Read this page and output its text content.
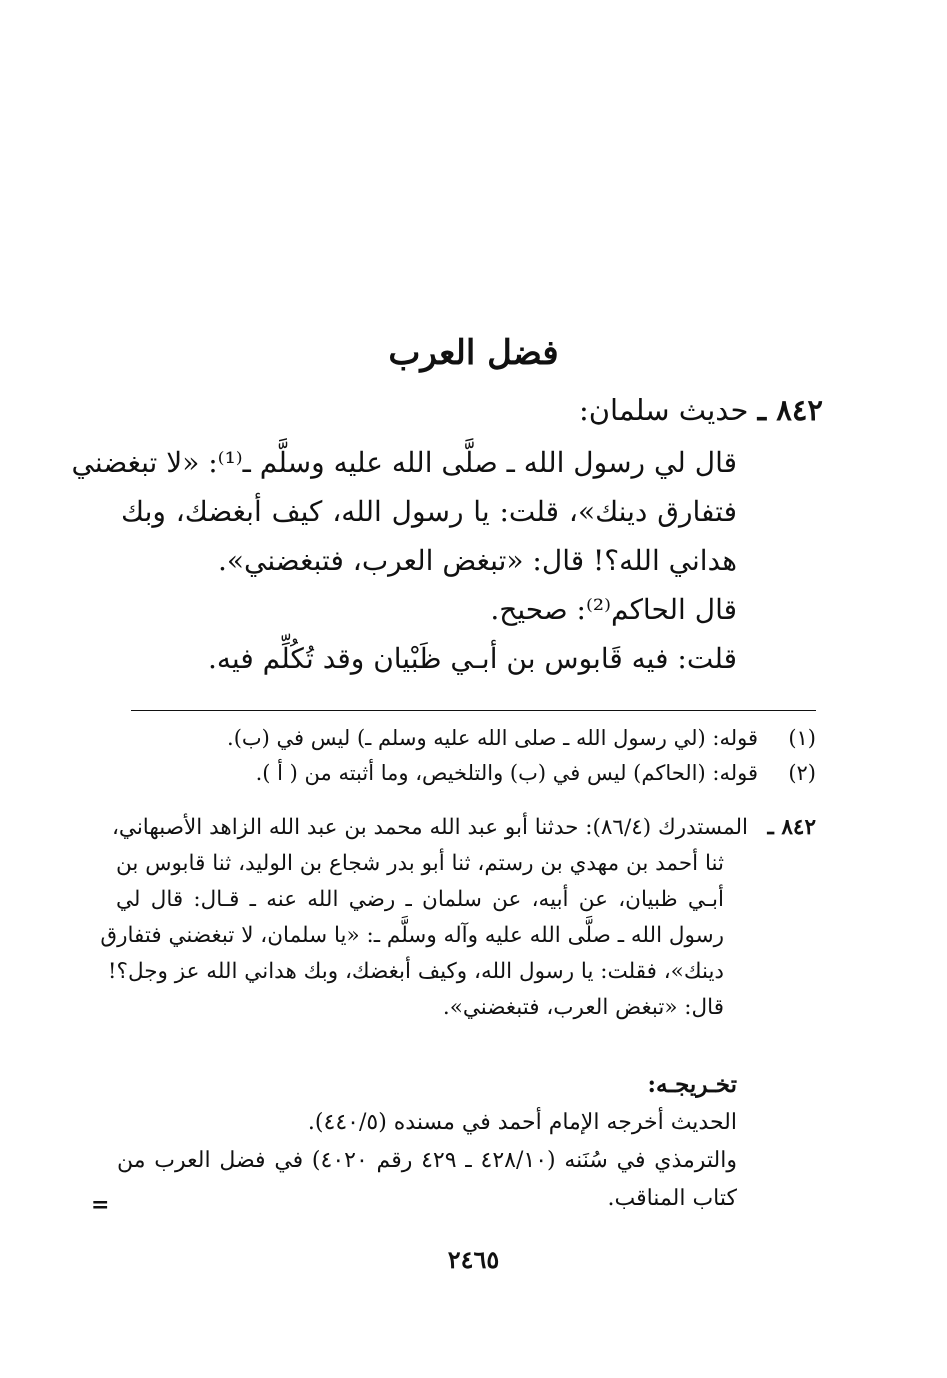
فضل العرب
٨٤٢ ـ حديث سلمان:
قال لي رسول الله ـ صلَّى الله عليه وسلَّم ـ⁽¹⁾: «لا تبغضني
فتفارق دينك»، قلت: يا رسول الله، كيف أبغضك، وبك
هداني الله؟! قال: «تبغض العرب، فتبغضني».
قال الحاكم⁽²⁾: صحيح.
قلت: فيه قَابوس بن أبـي ظَبْيان وقد تُكُلِّم فيه.
(١)قوله: (لي رسول الله ـ صلى الله عليه وسلم ـ) ليس في (ب).
(٢)قوله: (الحاكم) ليس في (ب) والتلخيص، وما أثبته من ( أ ).
٨٤٢ ـالمستدرك (٨٦/٤): حدثنا أبو عبد الله محمد بن عبد الله الزاهد الأصبهاني،
ثنا أحمد بن مهدي بن رستم، ثنا أبو بدر شجاع بن الوليد، ثنا قابوس بن
أبـي ظبيان، عن أبيه، عن سلمان ـ رضي الله عنه ـ قـال: قال لي
رسول الله ـ صلَّى الله عليه وآله وسلَّم ـ: «يا سلمان، لا تبغضني فتفارق
دينك»، فقلت: يا رسول الله، وكيف أبغضك، وبك هداني الله عز وجل؟!
قال: «تبغض العرب، فتبغضني».
تخـريجـه:
الحديث أخرجه الإمام أحمد في مسنده (٤٤٠/٥).
والترمذي في سُنَنه (٤٢٨/١٠ ـ ٤٢٩ رقم ٤٠٢٠) في فضل العرب من
كتاب المناقب.
=
٢٤٦٥
